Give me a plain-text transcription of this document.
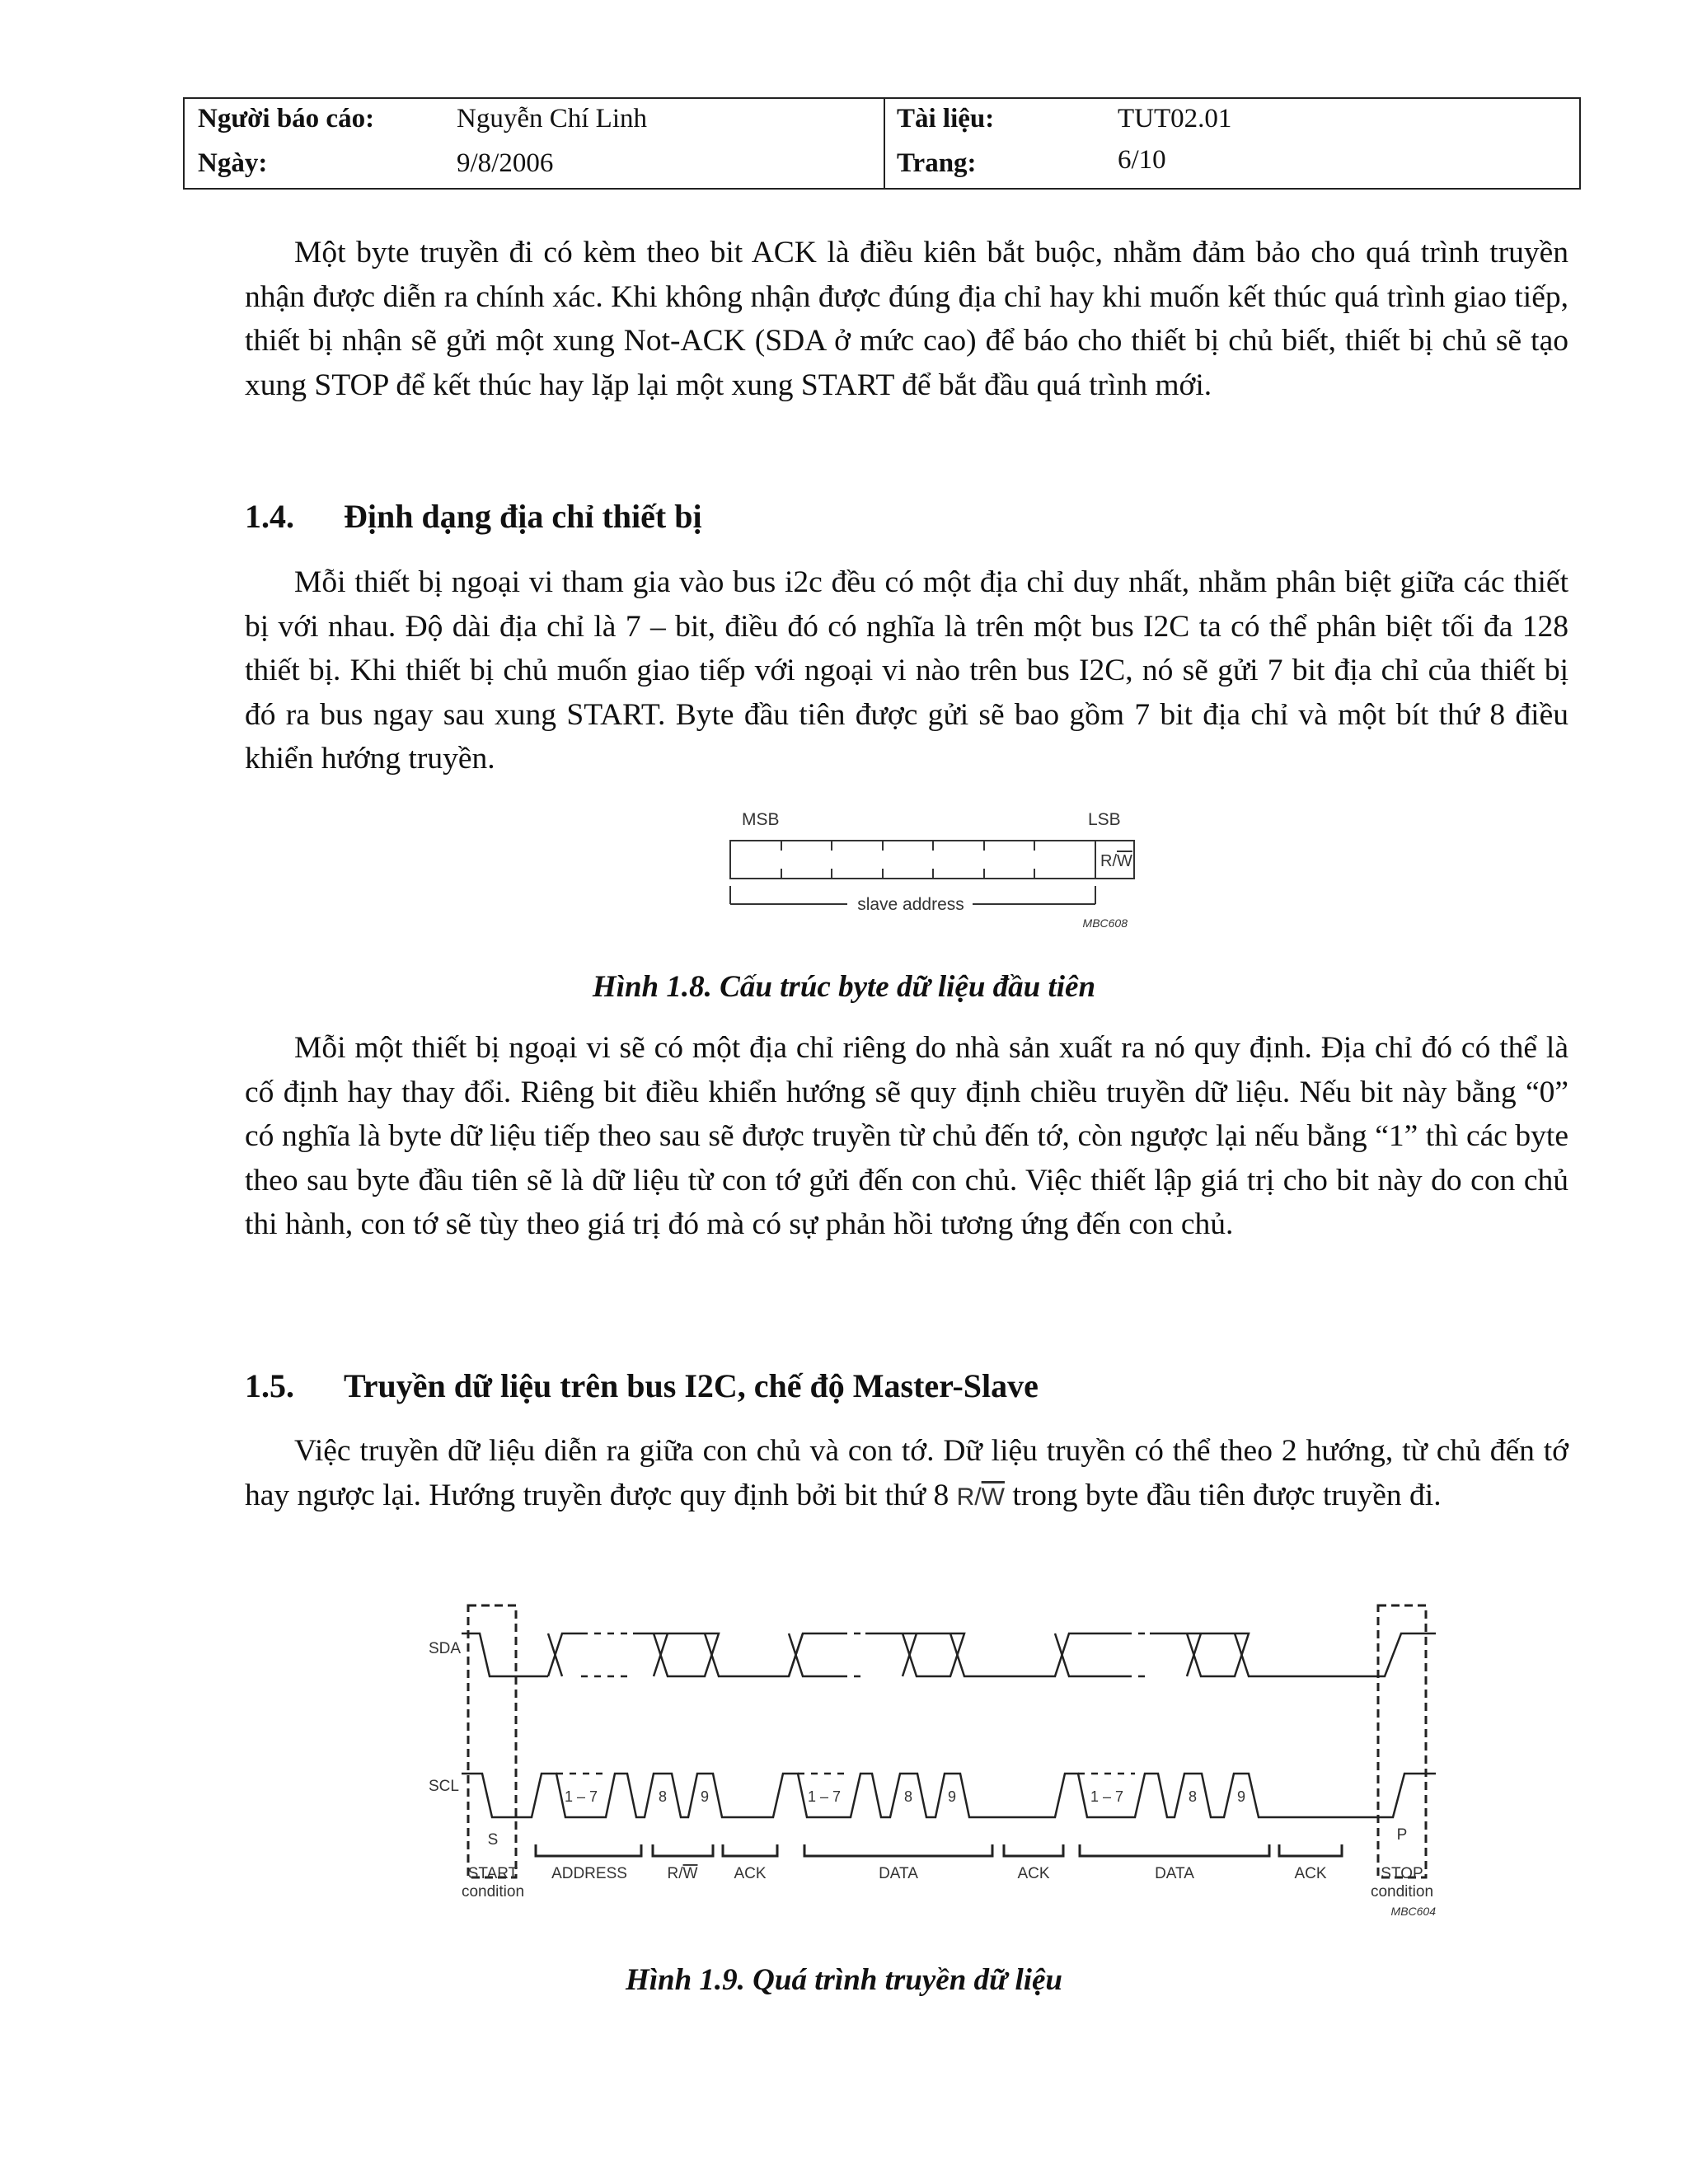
Người báo cáo:	Nguyễn Chí Linh
Ngày:	9/8/2006
Tài liệu:	TUT02.01
Trang:	6/10

Một byte truyền đi có kèm theo bit ACK là điều kiên bắt buộc, nhằm đảm bảo cho quá trình truyền nhận được diễn ra chính xác. Khi không nhận được đúng địa chỉ hay khi muốn kết thúc quá trình giao tiếp, thiết bị nhận sẽ gửi một xung Not-ACK (SDA ở mức cao) để báo cho thiết bị chủ biết, thiết bị chủ sẽ tạo xung STOP để kết thúc hay lặp lại một xung START để bắt đầu quá trình mới.

1.4. Định dạng địa chỉ thiết bị

Mỗi thiết bị ngoại vi tham gia vào bus i2c đều có một địa chỉ duy nhất, nhằm phân biệt giữa các thiết bị với nhau. Độ dài địa chỉ là 7 – bit, điều đó có nghĩa là trên một bus I2C ta có thể phân biệt tối đa 128 thiết bị. Khi thiết bị chủ muốn giao tiếp với ngoại vi nào trên bus I2C, nó sẽ gửi 7 bit địa chỉ của thiết bị đó ra bus ngay sau xung START. Byte đầu tiên được gửi sẽ bao gồm 7 bit địa chỉ và một bít thứ 8 điều khiển hướng truyền.

MSB	LSB
R/W
slave address
MBC608

Hình 1.8. Cấu trúc byte dữ liệu đầu tiên

Mỗi một thiết bị ngoại vi sẽ có một địa chỉ riêng do nhà sản xuất ra nó quy định. Địa chỉ đó có thể là cố định hay thay đổi. Riêng bit điều khiển hướng sẽ quy định chiều truyền dữ liệu. Nếu bit này bằng “0” có nghĩa là byte dữ liệu tiếp theo sau sẽ được truyền từ chủ đến tớ, còn ngược lại nếu bằng “1” thì các byte theo sau byte đầu tiên sẽ là dữ liệu từ con tớ gửi đến con chủ. Việc thiết lập giá trị cho bit này do con chủ thi hành, con tớ sẽ tùy theo giá trị đó mà có sự phản hồi tương ứng đến con chủ.

1.5. Truyền dữ liệu trên bus I2C, chế độ Master-Slave

Việc truyền dữ liệu diễn ra giữa con chủ và con tớ. Dữ liệu truyền có thể theo 2 hướng, từ chủ đến tớ hay ngược lại. Hướng truyền được quy định bởi bit thứ 8 $R/\overline{W}$ trong byte đầu tiên được truyền đi.

SDA
SCL
1 – 7	8 9	1 – 7	8 9	1 – 7	8	9
S	P
START
condition
ADDRESS	R/W ACK	DATA	ACK	DATA	ACK	STOP
condition
MBC604

Hình 1.9. Quá trình truyền dữ liệu
